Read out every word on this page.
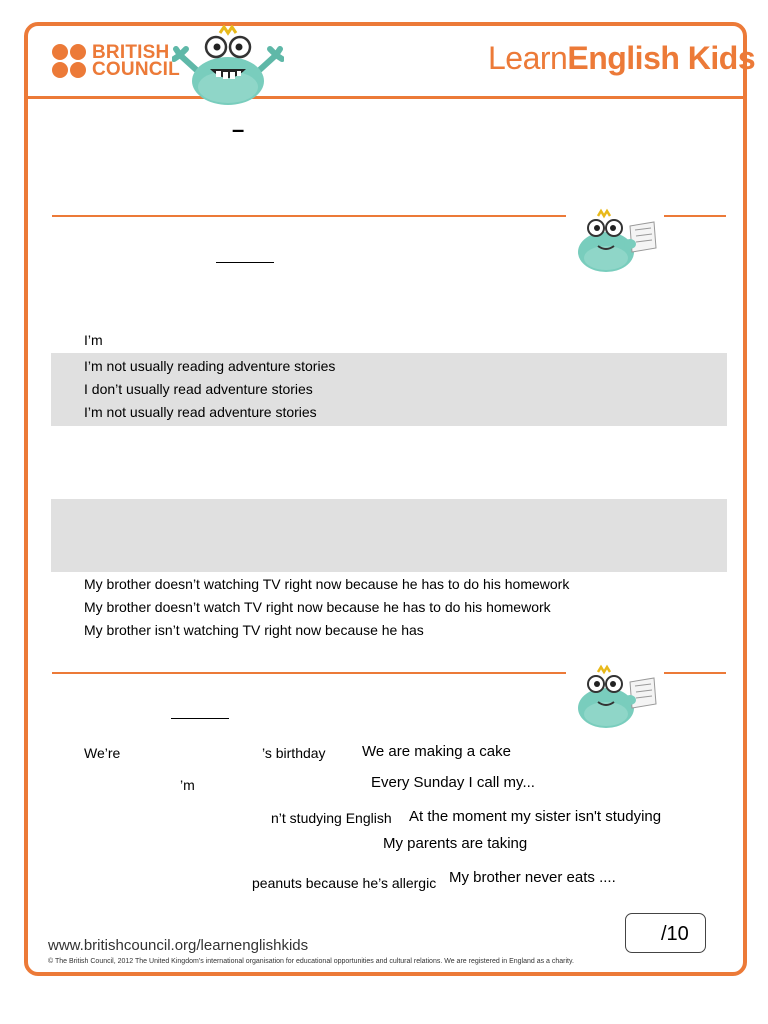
BRITISH
COUNCIL	LearnEnglish Kids
–
I’m
I’m not usually reading adventure stories
I don’t usually read adventure stories
I’m not usually read adventure stories
My brother doesn’t watching TV right now because he has to do his homework
My brother doesn’t watch TV right now because he has to do his homework
My brother isn’t watching TV right now because he has
We’re	’s birthday We are making a cake
’m	Every Sunday I call my...
n’t studying English At the moment my sister isn't studying
My parents are taking
peanuts because he’s allergic My brother never eats ....
/10
www.britishcouncil.org/learnenglishkids
© The British Council, 2012 The United Kingdom’s international organisation for educational opportunities and cultural relations. We are registered in England as a charity.
